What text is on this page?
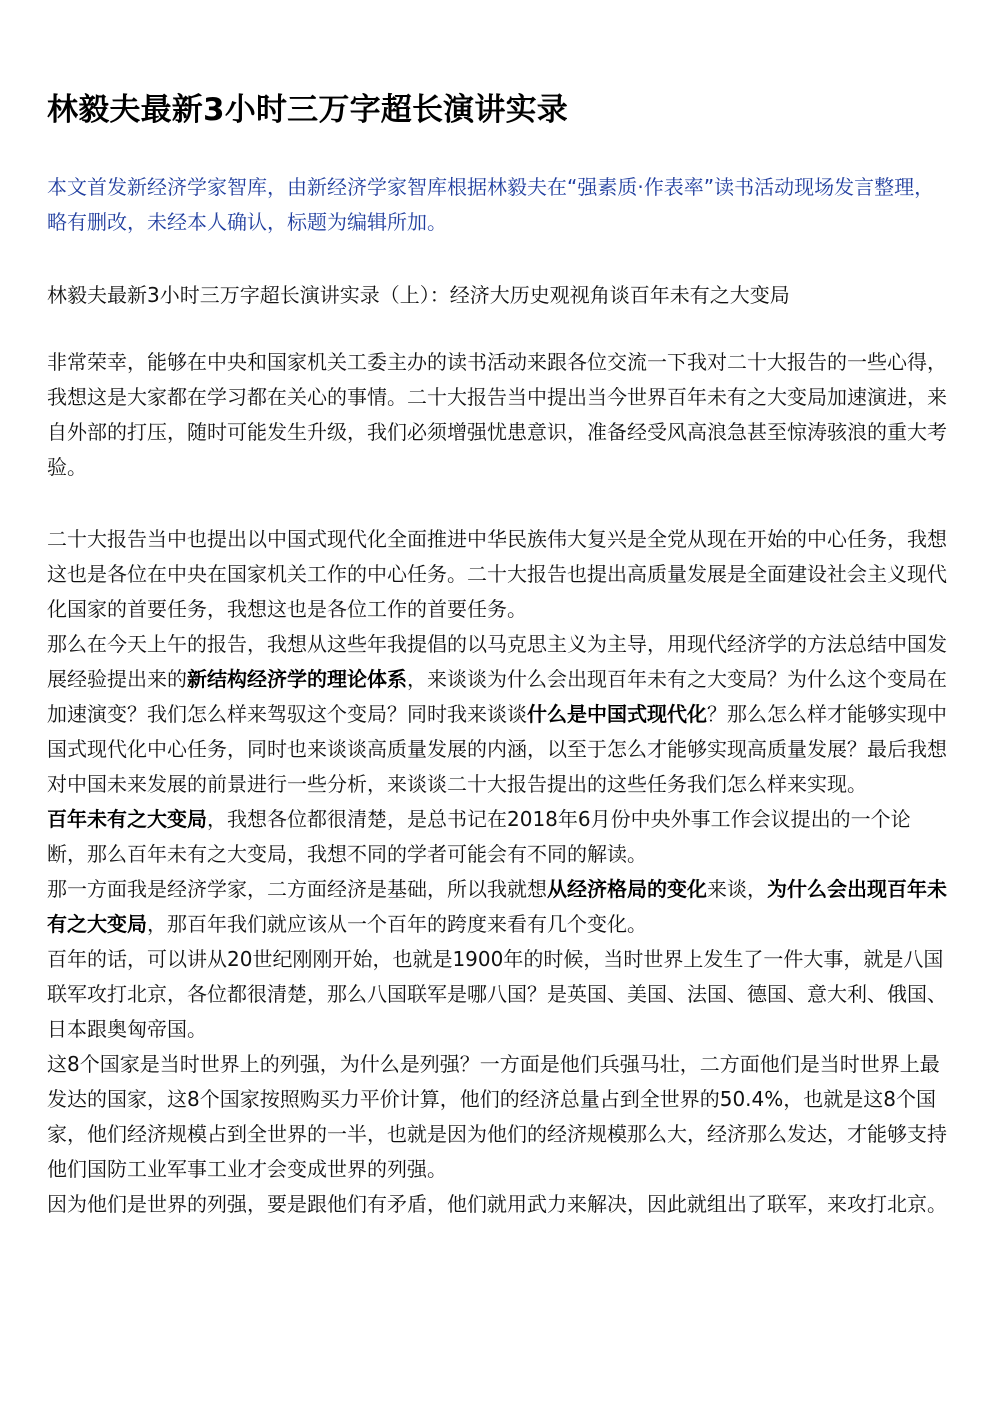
林毅夫最新3小时三万字超长演讲实录

本文首发新经济学家智库，由新经济学家智库根据林毅夫在“强素质·作表率”读书活动现场发言整理，略有删改，未经本人确认，标题为编辑所加。

林毅夫最新3小时三万字超长演讲实录（上）：经济大历史观视角谈百年未有之大变局

非常荣幸，能够在中央和国家机关工委主办的读书活动来跟各位交流一下我对二十大报告的一些心得，我想这是大家都在学习都在关心的事情。二十大报告当中提出当今世界百年未有之大变局加速演进，来自外部的打压，随时可能发生升级，我们必须增强忧患意识，准备经受风高浪急甚至惊涛骇浪的重大考验。

二十大报告当中也提出以中国式现代化全面推进中华民族伟大复兴是全党从现在开始的中心任务，我想这也是各位在中央在国家机关工作的中心任务。二十大报告也提出高质量发展是全面建设社会主义现代化国家的首要任务，我想这也是各位工作的首要任务。

那么在今天上午的报告，我想从这些年我提倡的以马克思主义为主导，用现代经济学的方法总结中国发展经验提出来的新结构经济学的理论体系，来谈谈为什么会出现百年未有之大变局？为什么这个变局在加速演变？我们怎么样来驾驭这个变局？同时我来谈谈什么是中国式现代化？那么怎么样才能够实现中国式现代化中心任务，同时也来谈谈高质量发展的内涵，以至于怎么才能够实现高质量发展？最后我想对中国未来发展的前景进行一些分析，来谈谈二十大报告提出的这些任务我们怎么样来实现。

百年未有之大变局，我想各位都很清楚，是总书记在2018年6月份中央外事工作会议提出的一个论断，那么百年未有之大变局，我想不同的学者可能会有不同的解读。

那一方面我是经济学家，二方面经济是基础，所以我就想从经济格局的变化来谈，为什么会出现百年未有之大变局，那百年我们就应该从一个百年的跨度来看有几个变化。

百年的话，可以讲从20世纪刚刚开始，也就是1900年的时候，当时世界上发生了一件大事，就是八国联军攻打北京，各位都很清楚，那么八国联军是哪八国？是英国、美国、法国、德国、意大利、俄国、日本跟奥匈帝国。

这8个国家是当时世界上的列强，为什么是列强？一方面是他们兵强马壮，二方面他们是当时世界上最发达的国家，这8个国家按照购买力平价计算，他们的经济总量占到全世界的50.4%，也就是这8个国家，他们经济规模占到全世界的一半，也就是因为他们的经济规模那么大，经济那么发达，才能够支持他们国防工业军事工业才会变成世界的列强。

因为他们是世界的列强，要是跟他们有矛盾，他们就用武力来解决，因此就组出了联军，来攻打北京。
